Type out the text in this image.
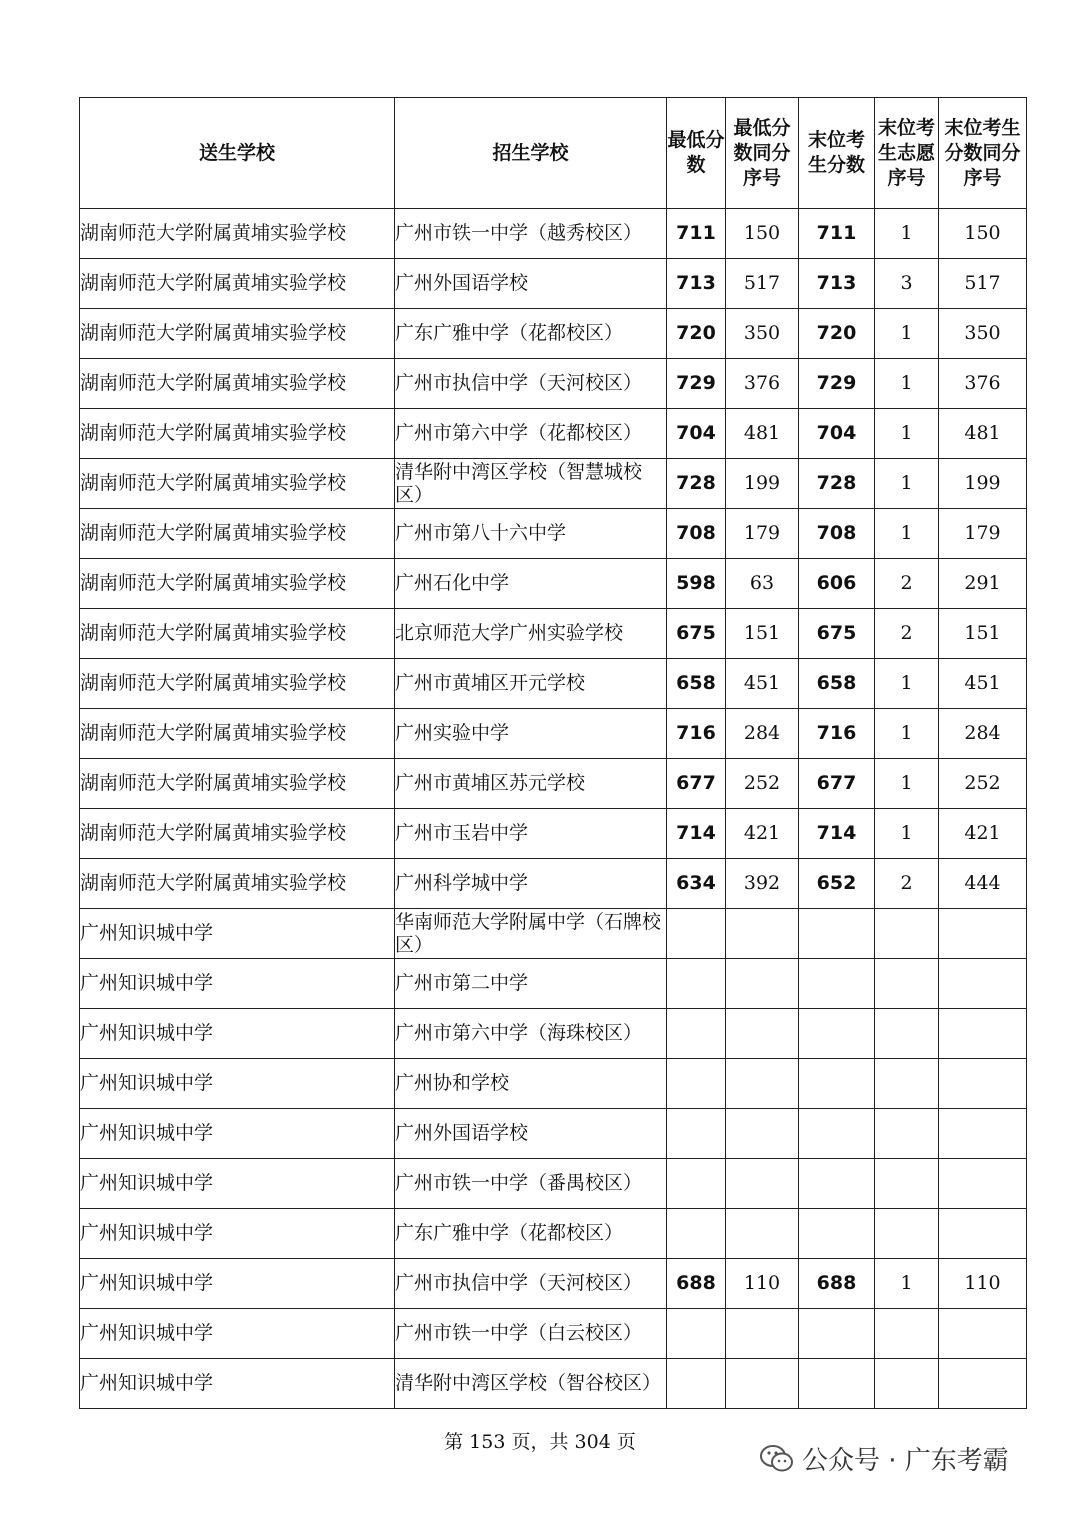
送生学校	招生学校	最低分数	最低分数同分序号	末位考生分数	末位考生志愿序号	末位考生分数同分序号
湖南师范大学附属黄埔实验学校	广州市铁一中学（越秀校区）	711	150	711	1	150
湖南师范大学附属黄埔实验学校	广州外国语学校	713	517	713	3	517
湖南师范大学附属黄埔实验学校	广东广雅中学（花都校区）	720	350	720	1	350
湖南师范大学附属黄埔实验学校	广州市执信中学（天河校区）	729	376	729	1	376
湖南师范大学附属黄埔实验学校	广州市第六中学（花都校区）	704	481	704	1	481
湖南师范大学附属黄埔实验学校	清华附中湾区学校（智慧城校区）	728	199	728	1	199
湖南师范大学附属黄埔实验学校	广州市第八十六中学	708	179	708	1	179
湖南师范大学附属黄埔实验学校	广州石化中学	598	63	606	2	291
湖南师范大学附属黄埔实验学校	北京师范大学广州实验学校	675	151	675	2	151
湖南师范大学附属黄埔实验学校	广州市黄埔区开元学校	658	451	658	1	451
湖南师范大学附属黄埔实验学校	广州实验中学	716	284	716	1	284
湖南师范大学附属黄埔实验学校	广州市黄埔区苏元学校	677	252	677	1	252
湖南师范大学附属黄埔实验学校	广州市玉岩中学	714	421	714	1	421
湖南师范大学附属黄埔实验学校	广州科学城中学	634	392	652	2	444
广州知识城中学	华南师范大学附属中学（石牌校区）					
广州知识城中学	广州市第二中学					
广州知识城中学	广州市第六中学（海珠校区）					
广州知识城中学	广州协和学校					
广州知识城中学	广州外国语学校					
广州知识城中学	广州市铁一中学（番禺校区）					
广州知识城中学	广东广雅中学（花都校区）					
广州知识城中学	广州市执信中学（天河校区）	688	110	688	1	110
广州知识城中学	广州市铁一中学（白云校区）					
广州知识城中学	清华附中湾区学校（智谷校区）					
第 153 页，共 304 页
公众号 · 广东考霸
